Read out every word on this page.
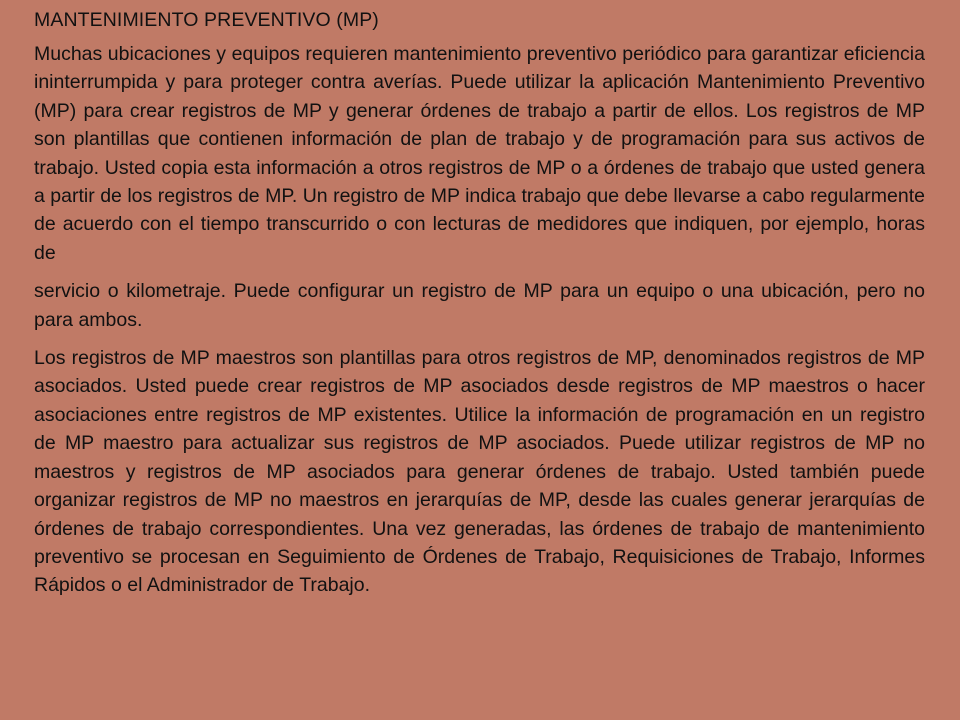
MANTENIMIENTO PREVENTIVO (MP)

Muchas ubicaciones y equipos requieren mantenimiento preventivo periódico para garantizar eficiencia ininterrumpida y para proteger contra averías. Puede utilizar la aplicación Mantenimiento Preventivo (MP) para crear registros de MP y generar órdenes de trabajo a partir de ellos. Los registros de MP son plantillas que contienen información de plan de trabajo y de programación para sus activos de trabajo. Usted copia esta información a otros registros de MP o a órdenes de trabajo que usted genera a partir de los registros de MP. Un registro de MP indica trabajo que debe llevarse a cabo regularmente de acuerdo con el tiempo transcurrido o con lecturas de medidores que indiquen, por ejemplo, horas de

servicio o kilometraje. Puede configurar un registro de MP para un equipo o una ubicación, pero no para ambos.

Los registros de MP maestros son plantillas para otros registros de MP, denominados registros de MP asociados. Usted puede crear registros de MP asociados desde registros de MP maestros o hacer asociaciones entre registros de MP existentes. Utilice la información de programación en un registro de MP maestro para actualizar sus registros de MP asociados. Puede utilizar registros de MP no maestros y registros de MP asociados para generar órdenes de trabajo. Usted también puede organizar registros de MP no maestros en jerarquías de MP, desde las cuales generar jerarquías de órdenes de trabajo correspondientes. Una vez generadas, las órdenes de trabajo de mantenimiento preventivo se procesan en Seguimiento de Órdenes de Trabajo, Requisiciones de Trabajo, Informes Rápidos o el Administrador de Trabajo.
